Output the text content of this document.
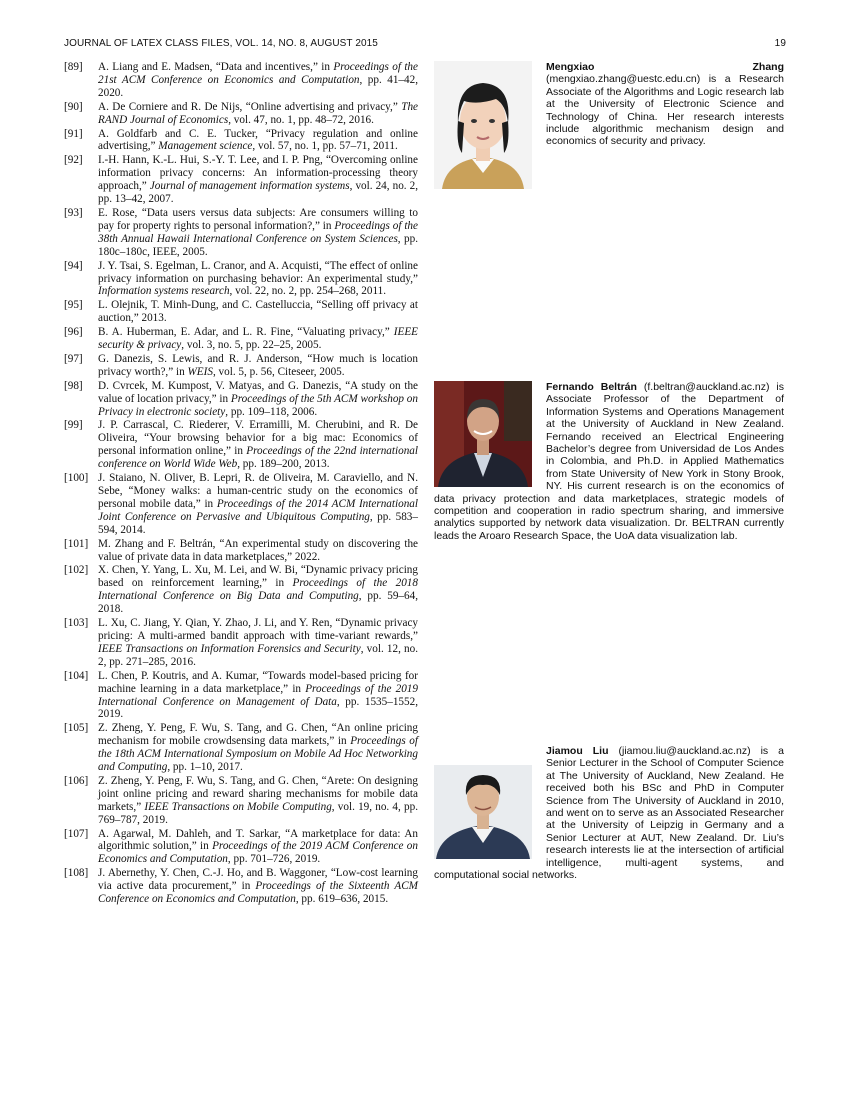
JOURNAL OF LATEX CLASS FILES, VOL. 14, NO. 8, AUGUST 2015	19
[89]	A. Liang and E. Madsen, “Data and incentives,” in Proceedings of the 21st ACM Conference on Economics and Computation, pp. 41–42, 2020.
[90]	A. De Corniere and R. De Nijs, “Online advertising and privacy,” The RAND Journal of Economics, vol. 47, no. 1, pp. 48–72, 2016.
[91]	A. Goldfarb and C. E. Tucker, “Privacy regulation and online advertising,” Management science, vol. 57, no. 1, pp. 57–71, 2011.
[92]	I.-H. Hann, K.-L. Hui, S.-Y. T. Lee, and I. P. Png, “Overcoming online information privacy concerns: An information-processing theory approach,” Journal of management information systems, vol. 24, no. 2, pp. 13–42, 2007.
[93]	E. Rose, “Data users versus data subjects: Are consumers willing to pay for property rights to personal information?,” in Proceedings of the 38th Annual Hawaii International Conference on System Sciences, pp. 180c–180c, IEEE, 2005.
[94]	J. Y. Tsai, S. Egelman, L. Cranor, and A. Acquisti, “The effect of online privacy information on purchasing behavior: An experimental study,” Information systems research, vol. 22, no. 2, pp. 254–268, 2011.
[95]	L. Olejnik, T. Minh-Dung, and C. Castelluccia, “Selling off privacy at auction,” 2013.
[96]	B. A. Huberman, E. Adar, and L. R. Fine, “Valuating privacy,” IEEE security & privacy, vol. 3, no. 5, pp. 22–25, 2005.
[97]	G. Danezis, S. Lewis, and R. J. Anderson, “How much is location privacy worth?,” in WEIS, vol. 5, p. 56, Citeseer, 2005.
[98]	D. Cvrcek, M. Kumpost, V. Matyas, and G. Danezis, “A study on the value of location privacy,” in Proceedings of the 5th ACM workshop on Privacy in electronic society, pp. 109–118, 2006.
[99]	J. P. Carrascal, C. Riederer, V. Erramilli, M. Cherubini, and R. De Oliveira, “Your browsing behavior for a big mac: Economics of personal information online,” in Proceedings of the 22nd international conference on World Wide Web, pp. 189–200, 2013.
[100] J. Staiano, N. Oliver, B. Lepri, R. de Oliveira, M. Caraviello, and N. Sebe, “Money walks: a human-centric study on the economics of personal mobile data,” in Proceedings of the 2014 ACM International Joint Conference on Pervasive and Ubiquitous Computing, pp. 583–594, 2014.
[101] M. Zhang and F. Beltrán, “An experimental study on discovering the value of private data in data marketplaces,” 2022.
[102] X. Chen, Y. Yang, L. Xu, M. Lei, and W. Bi, “Dynamic privacy pricing based on reinforcement learning,” in Proceedings of the 2018 International Conference on Big Data and Computing, pp. 59–64, 2018.
[103] L. Xu, C. Jiang, Y. Qian, Y. Zhao, J. Li, and Y. Ren, “Dynamic privacy pricing: A multi-armed bandit approach with time-variant rewards,” IEEE Transactions on Information Forensics and Security, vol. 12, no. 2, pp. 271–285, 2016.
[104] L. Chen, P. Koutris, and A. Kumar, “Towards model-based pricing for machine learning in a data marketplace,” in Proceedings of the 2019 International Conference on Management of Data, pp. 1535–1552, 2019.
[105] Z. Zheng, Y. Peng, F. Wu, S. Tang, and G. Chen, “An online pricing mechanism for mobile crowdsensing data markets,” in Proceedings of the 18th ACM International Symposium on Mobile Ad Hoc Networking and Computing, pp. 1–10, 2017.
[106] Z. Zheng, Y. Peng, F. Wu, S. Tang, and G. Chen, “Arete: On designing joint online pricing and reward sharing mechanisms for mobile data markets,” IEEE Transactions on Mobile Computing, vol. 19, no. 4, pp. 769–787, 2019.
[107] A. Agarwal, M. Dahleh, and T. Sarkar, “A marketplace for data: An algorithmic solution,” in Proceedings of the 2019 ACM Conference on Economics and Computation, pp. 701–726, 2019.
[108] J. Abernethy, Y. Chen, C.-J. Ho, and B. Waggoner, “Low-cost learning via active data procurement,” in Proceedings of the Sixteenth ACM Conference on Economics and Computation, pp. 619–636, 2015.
Mengxiao Zhang (mengxiao.zhang@uestc.edu.cn) is a Research Associate of the Algorithms and Logic research lab at the University of Electronic Science and Technology of China. Her research interests include algorithmic mechanism design and economics of security and privacy.
Fernando Beltrán (f.beltran@auckland.ac.nz) is Associate Professor of the Department of Information Systems and Operations Management at the University of Auckland in New Zealand. Fernando received an Electrical Engineering Bachelor’s degree from Universidad de Los Andes in Colombia, and Ph.D. in Applied Mathematics from State University of New York in Stony Brook, NY. His current research is on the economics of data privacy protection and data marketplaces, strategic models of competition and cooperation in radio spectrum sharing, and immersive analytics supported by network data visualization. Dr. BELTRAN currently leads the Aroaro Research Space, the UoA data visualization lab.
Jiamou Liu (jiamou.liu@auckland.ac.nz) is a Senior Lecturer in the School of Computer Science at The University of Auckland, New Zealand. He received both his BSc and PhD in Computer Science from The University of Auckland in 2010, and went on to serve as an Associated Researcher at the University of Leipzig in Germany and a Senior Lecturer at AUT, New Zealand. Dr. Liu’s research interests lie at the intersection of artificial intelligence, multi-agent systems, and computational social networks.
